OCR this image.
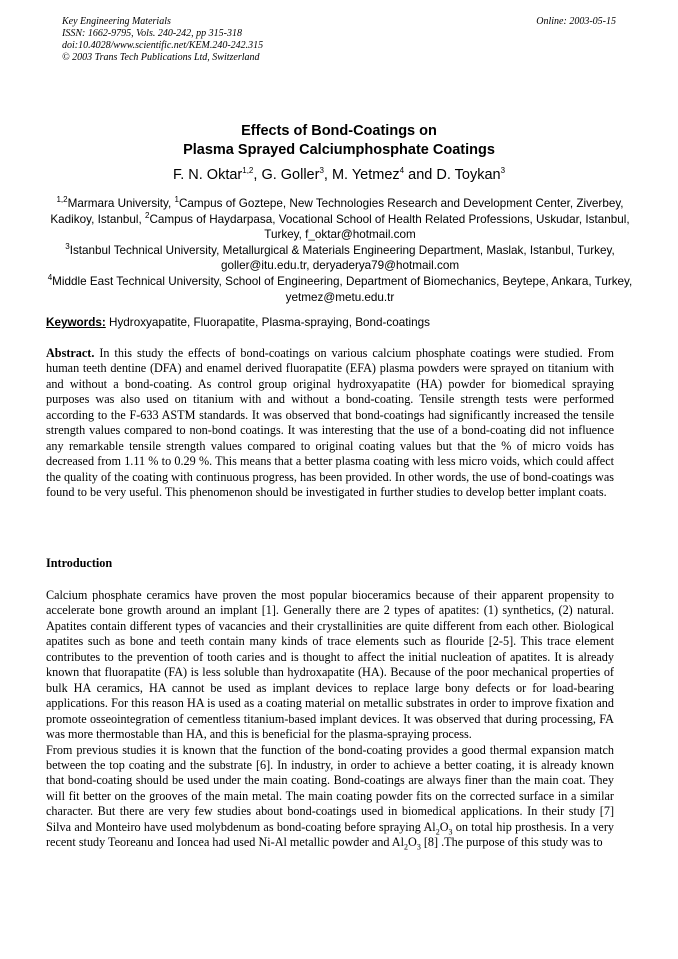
Key Engineering Materials
ISSN: 1662-9795, Vols. 240-242, pp 315-318
doi:10.4028/www.scientific.net/KEM.240-242.315
© 2003 Trans Tech Publications Ltd, Switzerland
Online: 2003-05-15
Effects of Bond-Coatings on
Plasma Sprayed Calciumphosphate Coatings
F. N. Oktar$^{1,2}$, G. Goller$^3$, M. Yetmez$^4$ and D. Toykan$^3$

$^{1,2}$Marmara University, $^1$Campus of Goztepe, New Technologies Research and Development Center, Ziverbey, Kadikoy, Istanbul, $^2$Campus of Haydarpasa, Vocational School of Health Related Professions, Uskudar, Istanbul, Turkey, f_oktar@hotmail.com

$^3$Istanbul Technical University, Metallurgical & Materials Engineering Department, Maslak, Istanbul, Turkey, goller@itu.edu.tr, deryaderya79@hotmail.com

$^4$Middle East Technical University, School of Engineering, Department of Biomechanics, Beytepe, Ankara, Turkey, yetmez@metu.edu.tr

Keywords: Hydroxyapatite, Fluorapatite, Plasma-spraying, Bond-coatings
Abstract. In this study the effects of bond-coatings on various calcium phosphate coatings were studied. From human teeth dentine (DFA) and enamel derived fluorapatite (EFA) plasma powders were sprayed on titanium with and without a bond-coating. As control group original hydroxyapatite (HA) powder for biomedical spraying purposes was also used on titanium with and without a bond-coating. Tensile strength tests were performed according to the F-633 ASTM standards. It was observed that bond-coatings had significantly increased the tensile strength values compared to non-bond coatings. It was interesting that the use of a bond-coating did not influence any remarkable tensile strength values compared to original coating values but that the % of micro voids has decreased from 1.11 % to 0.29 %. This means that a better plasma coating with less micro voids, which could affect the quality of the coating with continuous progress, has been provided. In other words, the use of bond-coatings was found to be very useful. This phenomenon should be investigated in further studies to develop better implant coats.
Introduction

Calcium phosphate ceramics have proven the most popular bioceramics because of their apparent propensity to accelerate bone growth around an implant [1]. Generally there are 2 types of apatites: (1) synthetics, (2) natural. Apatites contain different types of vacancies and their crystallinities are quite different from each other. Biological apatites such as bone and teeth contain many kinds of trace elements such as flouride [2-5]. This trace element contributes to the prevention of tooth caries and is thought to affect the initial nucleation of apatites. It is already known that fluorapatite (FA) is less soluble than hydroxapatite (HA). Because of the poor mechanical properties of bulk HA ceramics, HA cannot be used as implant devices to replace large bony defects or for load-bearing applications. For this reason HA is used as a coating material on metallic substrates in order to improve fixation and promote osseointegration of cementless titanium-based implant devices. It was observed that during processing, FA was more thermostable than HA, and this is beneficial for the plasma-spraying process.

From previous studies it is known that the function of the bond-coating provides a good thermal expansion match between the top coating and the substrate [6]. In industry, in order to achieve a better coating, it is already known that bond-coating should be used under the main coating. Bond-coatings are always finer than the main coat. They will fit better on the grooves of the main metal. The main coating powder fits on the corrected surface in a similar character. But there are very few studies about bond-coatings used in biomedical applications. In their study [7] Silva and Monteiro have used molybdenum as bond-coating before spraying $Al_2O_3$ on total hip prosthesis. In a very recent study Teoreanu and Ioncea had used Ni-Al metallic powder and $Al_2O_3$ [8] .The purpose of this study was to
